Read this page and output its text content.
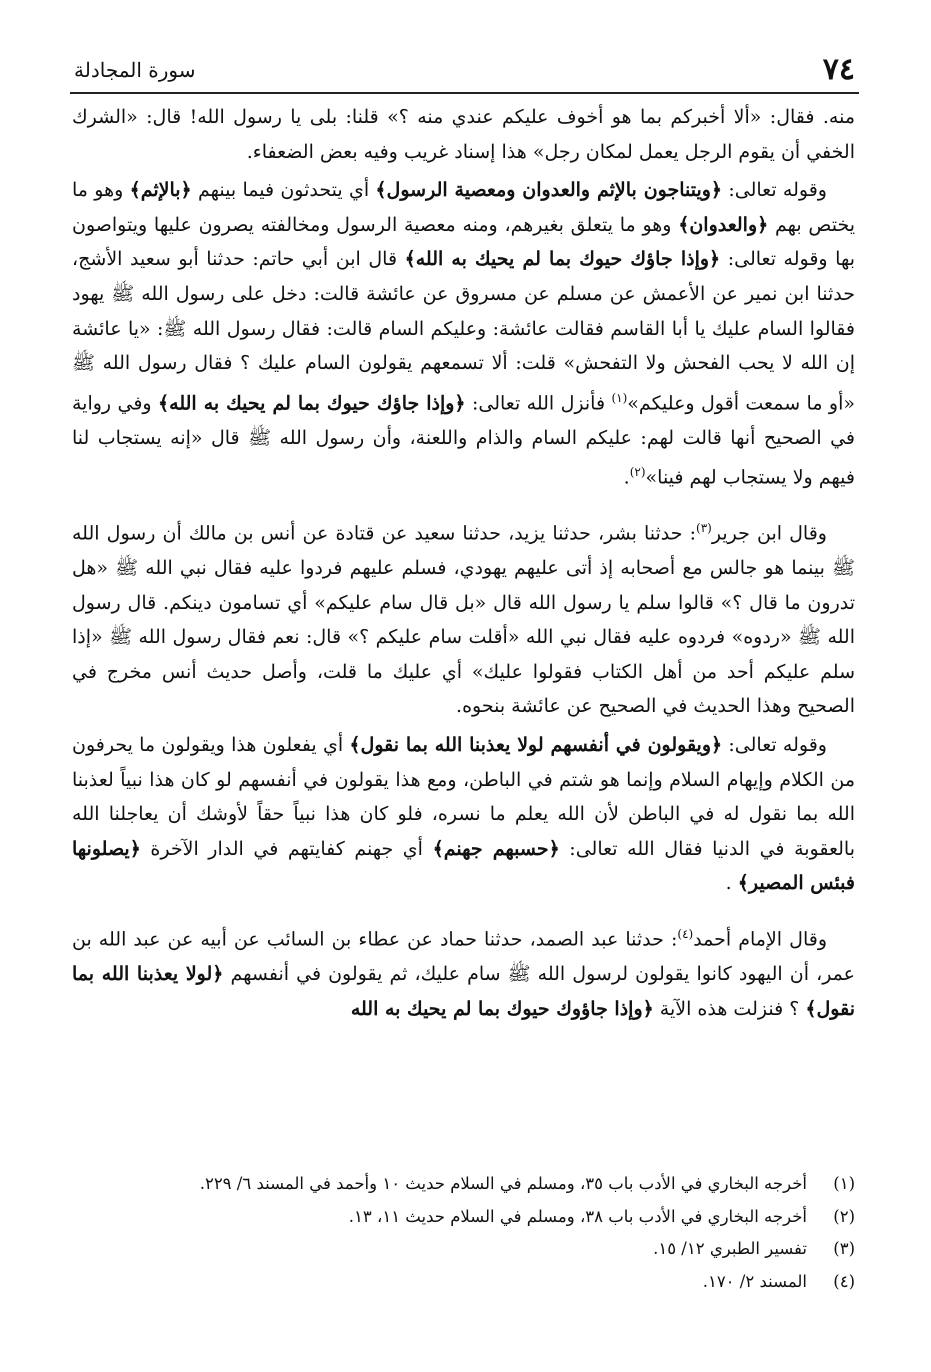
٧٤
سورة المجادلة

منه. فقال: «ألا أخبركم بما هو أخوف عليكم عندي منه ؟» قلنا: بلى يا رسول الله! قال: «الشرك الخفي أن يقوم الرجل يعمل لمكان رجل» هذا إسناد غريب وفيه بعض الضعفاء.

وقوله تعالى: ﴿ويتناجون بالإثم والعدوان ومعصية الرسول﴾ أي يتحدثون فيما بينهم ﴿بالإثم﴾ وهو ما يختص بهم ﴿والعدوان﴾ وهو ما يتعلق بغيرهم، ومنه معصية الرسول ومخالفته يصرون عليها ويتواصون بها وقوله تعالى: ﴿وإذا جاؤك حيوك بما لم يحيك به الله﴾ قال ابن أبي حاتم: حدثنا أبو سعيد الأشج، حدثنا ابن نمير عن الأعمش عن مسلم عن مسروق عن عائشة قالت: دخل على رسول الله ﷺ يهود فقالوا السام عليك يا أبا القاسم فقالت عائشة: وعليكم السام قالت: فقال رسول الله ﷺ: «يا عائشة إن الله لا يحب الفحش ولا التفحش» قلت: ألا تسمعهم يقولون السام عليك ؟ فقال رسول الله ﷺ «أو ما سمعت أقول وعليكم»$^{(١)}$ فأنزل الله تعالى: ﴿وإذا جاؤك حيوك بما لم يحيك به الله﴾ وفي رواية في الصحيح أنها قالت لهم: عليكم السام والذام واللعنة، وأن رسول الله ﷺ قال «إنه يستجاب لنا فيهم ولا يستجاب لهم فينا»$^{(٢)}$.

وقال ابن جرير$^{(٣)}$: حدثنا بشر، حدثنا يزيد، حدثنا سعيد عن قتادة عن أنس بن مالك أن رسول الله ﷺ بينما هو جالس مع أصحابه إذ أتى عليهم يهودي، فسلم عليهم فردوا عليه فقال نبي الله ﷺ «هل تدرون ما قال ؟» قالوا سلم يا رسول الله قال «بل قال سام عليكم» أي تسامون دينكم. قال رسول الله ﷺ «ردوه» فردوه عليه فقال نبي الله «أقلت سام عليكم ؟» قال: نعم فقال رسول الله ﷺ «إذا سلم عليكم أحد من أهل الكتاب فقولوا عليك» أي عليك ما قلت، وأصل حديث أنس مخرج في الصحيح وهذا الحديث في الصحيح عن عائشة بنحوه.

وقوله تعالى: ﴿ويقولون في أنفسهم لولا يعذبنا الله بما نقول﴾ أي يفعلون هذا ويقولون ما يحرفون من الكلام وإيهام السلام وإنما هو شتم في الباطن، ومع هذا يقولون في أنفسهم لو كان هذا نبياً لعذبنا الله بما نقول له في الباطن لأن الله يعلم ما نسره، فلو كان هذا نبياً حقاً لأوشك أن يعاجلنا الله بالعقوبة في الدنيا فقال الله تعالى: ﴿حسبهم جهنم﴾ أي جهنم كفايتهم في الدار الآخرة ﴿يصلونها فبئس المصير﴾ .

وقال الإمام أحمد$^{(٤)}$: حدثنا عبد الصمد، حدثنا حماد عن عطاء بن السائب عن أبيه عن عبد الله بن عمر، أن اليهود كانوا يقولون لرسول الله ﷺ سام عليك، ثم يقولون في أنفسهم ﴿لولا يعذبنا الله بما نقول﴾ ؟ فنزلت هذه الآية ﴿وإذا جاؤوك حيوك بما لم يحيك به الله

(١)
أخرجه البخاري في الأدب باب ٣٥، ومسلم في السلام حديث ١٠ وأحمد في المسند ٦/ ٢٢٩.
(٢)
أخرجه البخاري في الأدب باب ٣٨، ومسلم في السلام حديث ١١، ١٣.
(٣)
تفسير الطبري ١٢/ ١٥.
(٤)
المسند ٢/ ١٧٠.
